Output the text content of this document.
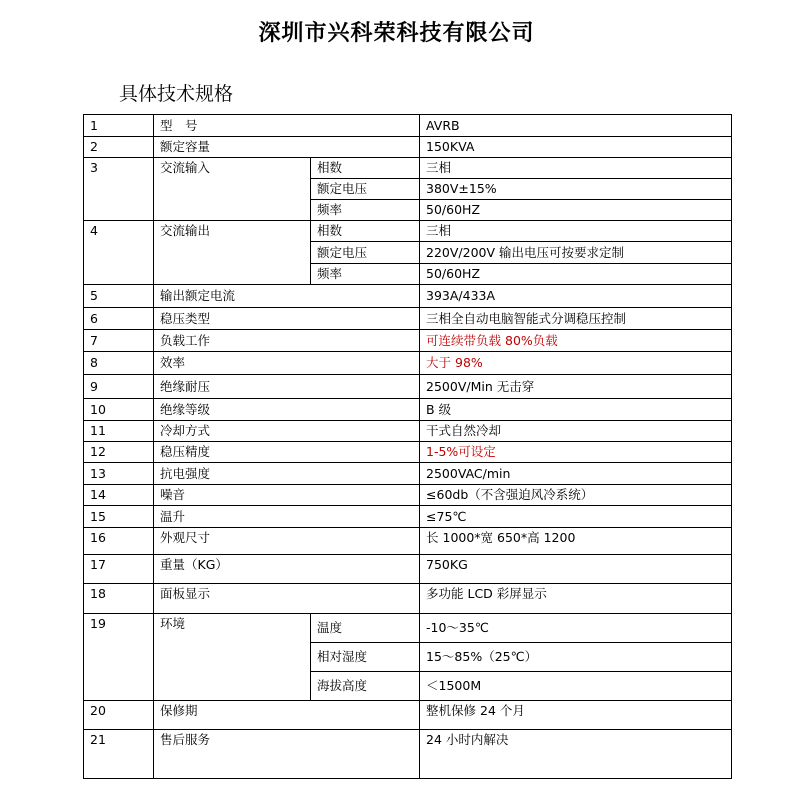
深圳市兴科荣科技有限公司
具体技术规格
1	型　号		AVRB
2	额定容量		150KVA
3	交流输入	相数	三相
		额定电压	380V±15%
		频率	50/60HZ
4	交流输出	相数	三相
		额定电压	220V/200V 输出电压可按要求定制
		频率	50/60HZ
5	输出额定电流		393A/433A
6	稳压类型		三相全自动电脑智能式分调稳压控制
7	负载工作		可连续带负载 80%负载
8	效率		大于 98%
9	绝缘耐压		2500V/Min 无击穿
10	绝缘等级		B 级
11	冷却方式		干式自然冷却
12	稳压精度		1-5%可设定
13	抗电强度		2500VAC/min
14	噪音		≤60db（不含强迫风冷系统）
15	温升		≤75℃
16	外观尺寸		长 1000*宽 650*高 1200
17	重量（KG）		750KG
18	面板显示		多功能 LCD 彩屏显示
19	环境	温度	-10～35℃
		相对湿度	15～85%（25℃）
		海拔高度	＜1500M
20	保修期		整机保修 24 个月
21	售后服务		24 小时内解决
